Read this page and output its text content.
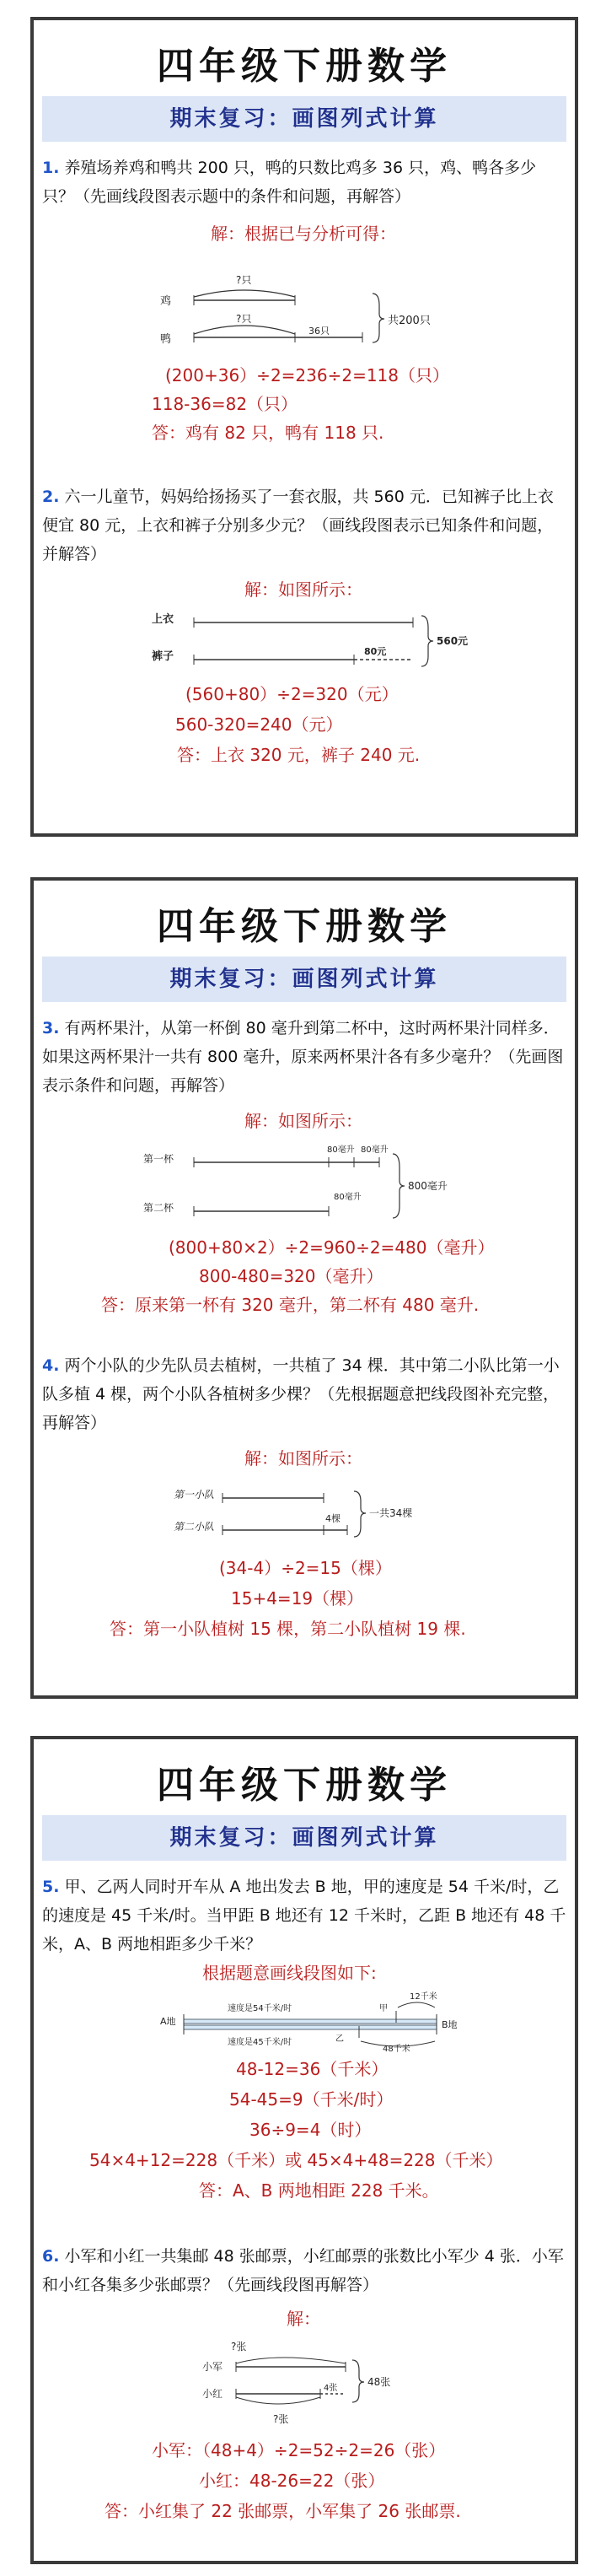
四年级下册数学
期末复习：画图列式计算
1. 养殖场养鸡和鸭共 200 只，鸭的只数比鸡多 36 只，鸡、鸭各多少只？（先画线段图表示题中的条件和问题，再解答）
解：根据已与分析可得：
鸡
鸭
?只
?只
36只
共200只
(200+36）÷2=236÷2=118（只）
118-36=82（只）
答：鸡有 82 只，鸭有 118 只.
2. 六一儿童节，妈妈给扬扬买了一套衣服，共 560 元．已知裤子比上衣便宜 80 元，上衣和裤子分别多少元？（画线段图表示已知条件和问题，并解答）
解：如图所示：
上衣
裤子	80元
560元
(560+80）÷2=320（元）
560-320=240（元）
答：上衣 320 元，裤子 240 元.
四年级下册数学
期末复习：画图列式计算
3. 有两杯果汁，从第一杯倒 80 毫升到第二杯中，这时两杯果汁同样多．如果这两杯果汁一共有 800 毫升，原来两杯果汁各有多少毫升？（先画图表示条件和问题，再解答）
解：如图所示：
第一杯
第二杯
80毫升 80毫升
80毫升
800毫升
(800+80×2）÷2=960÷2=480（毫升）
800-480=320（毫升）
答：原来第一杯有 320 毫升，第二杯有 480 毫升.
4. 两个小队的少先队员去植树，一共植了 34 棵．其中第二小队比第一小队多植 4 棵，两个小队各植树多少棵？（先根据题意把线段图补充完整，再解答）
解：如图所示：
第一小队
第二小队
4棵	一共34棵
(34-4）÷2=15（棵）
15+4=19（棵）
答：第一小队植树 15 棵，第二小队植树 19 棵.
四年级下册数学
期末复习：画图列式计算
5. 甲、乙两人同时开车从 A 地出发去 B 地，甲的速度是 54 千米/时，乙的速度是 45 千米/时。当甲距 B 地还有 12 千米时，乙距 B 地还有 48 千米，A、B 两地相距多少千米？
根据题意画线段图如下:
A地	B地
速度是54千米/时
速度是45千米/时
甲
乙
12千米
48千米
48-12=36（千米）
54-45=9（千米/时）
36÷9=4（时）
54×4+12=228（千米）或 45×4+48=228（千米）
答：A、B 两地相距 228 千米。
6. 小军和小红一共集邮 48 张邮票，小红邮票的张数比小军少 4 张．小军和小红各集多少张邮票？（先画线段图再解答）
解：
?张
小军
小红	4张
?张
48张
小军：（48+4）÷2=52÷2=26（张）
小红：48-26=22（张）
答：小红集了 22 张邮票，小军集了 26 张邮票.
